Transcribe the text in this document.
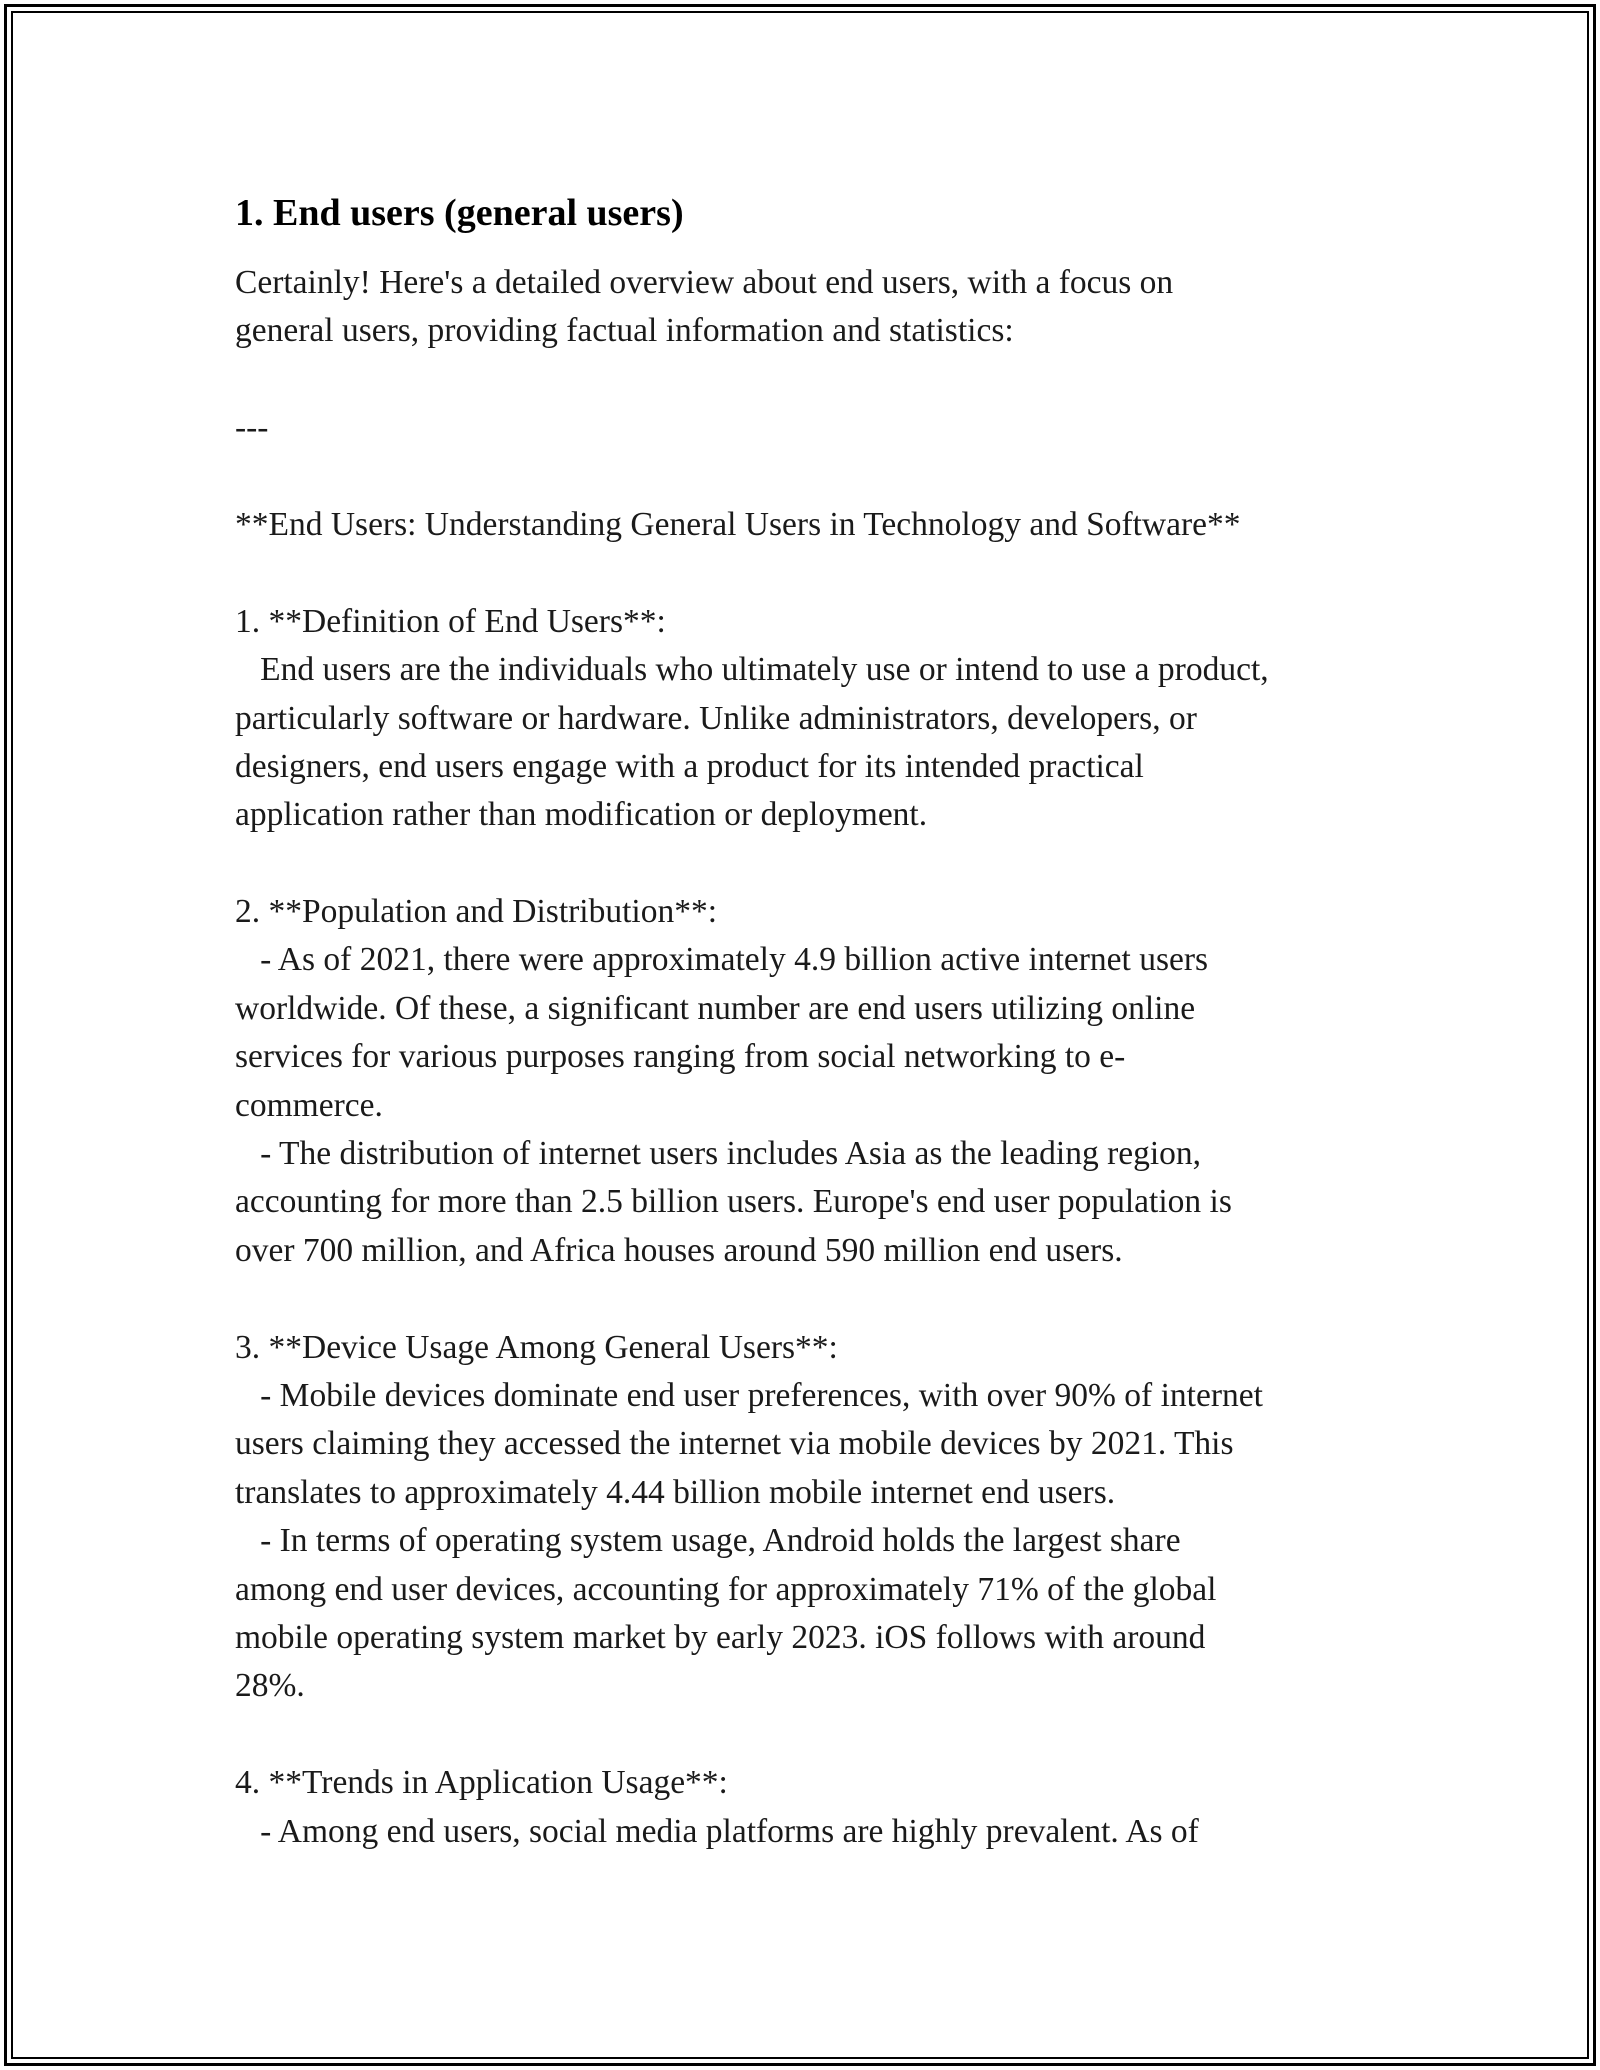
1. End users (general users)
Certainly! Here's a detailed overview about end users, with a focus on
general users, providing factual information and statistics:
---
**End Users: Understanding General Users in Technology and Software**
1. **Definition of End Users**:
End users are the individuals who ultimately use or intend to use a product,
particularly software or hardware. Unlike administrators, developers, or
designers, end users engage with a product for its intended practical
application rather than modification or deployment.
2. **Population and Distribution**:
- As of 2021, there were approximately 4.9 billion active internet users
worldwide. Of these, a significant number are end users utilizing online
services for various purposes ranging from social networking to e-
commerce.
- The distribution of internet users includes Asia as the leading region,
accounting for more than 2.5 billion users. Europe's end user population is
over 700 million, and Africa houses around 590 million end users.
3. **Device Usage Among General Users**:
- Mobile devices dominate end user preferences, with over 90% of internet
users claiming they accessed the internet via mobile devices by 2021. This
translates to approximately 4.44 billion mobile internet end users.
- In terms of operating system usage, Android holds the largest share
among end user devices, accounting for approximately 71% of the global
mobile operating system market by early 2023. iOS follows with around
28%.
4. **Trends in Application Usage**:
- Among end users, social media platforms are highly prevalent. As of
